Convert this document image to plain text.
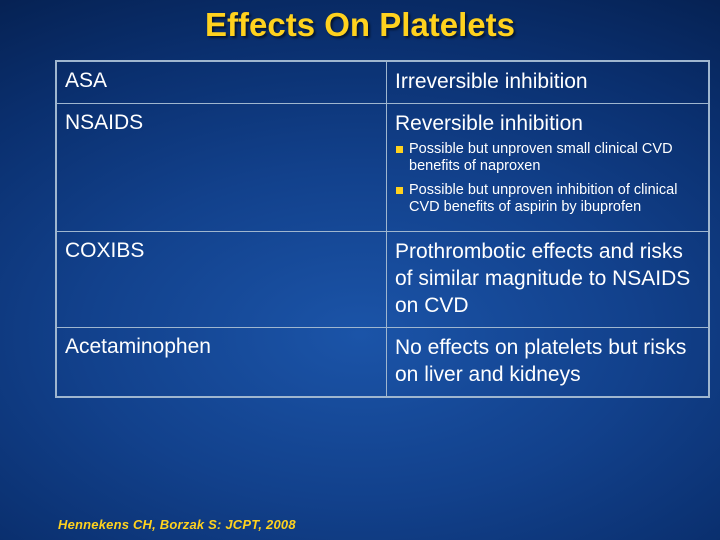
Effects On Platelets
ASA	Irreversible inhibition

NSAIDS	Reversible inhibition
Possible but unproven small clinical CVD benefits of naproxen
Possible but unproven inhibition of clinical CVD benefits of aspirin by ibuprofen

COXIBS	Prothrombotic effects and risks of similar magnitude to NSAIDS on CVD

Acetaminophen	No effects on platelets but risks on liver and kidneys
Hennekens CH, Borzak S: JCPT, 2008
